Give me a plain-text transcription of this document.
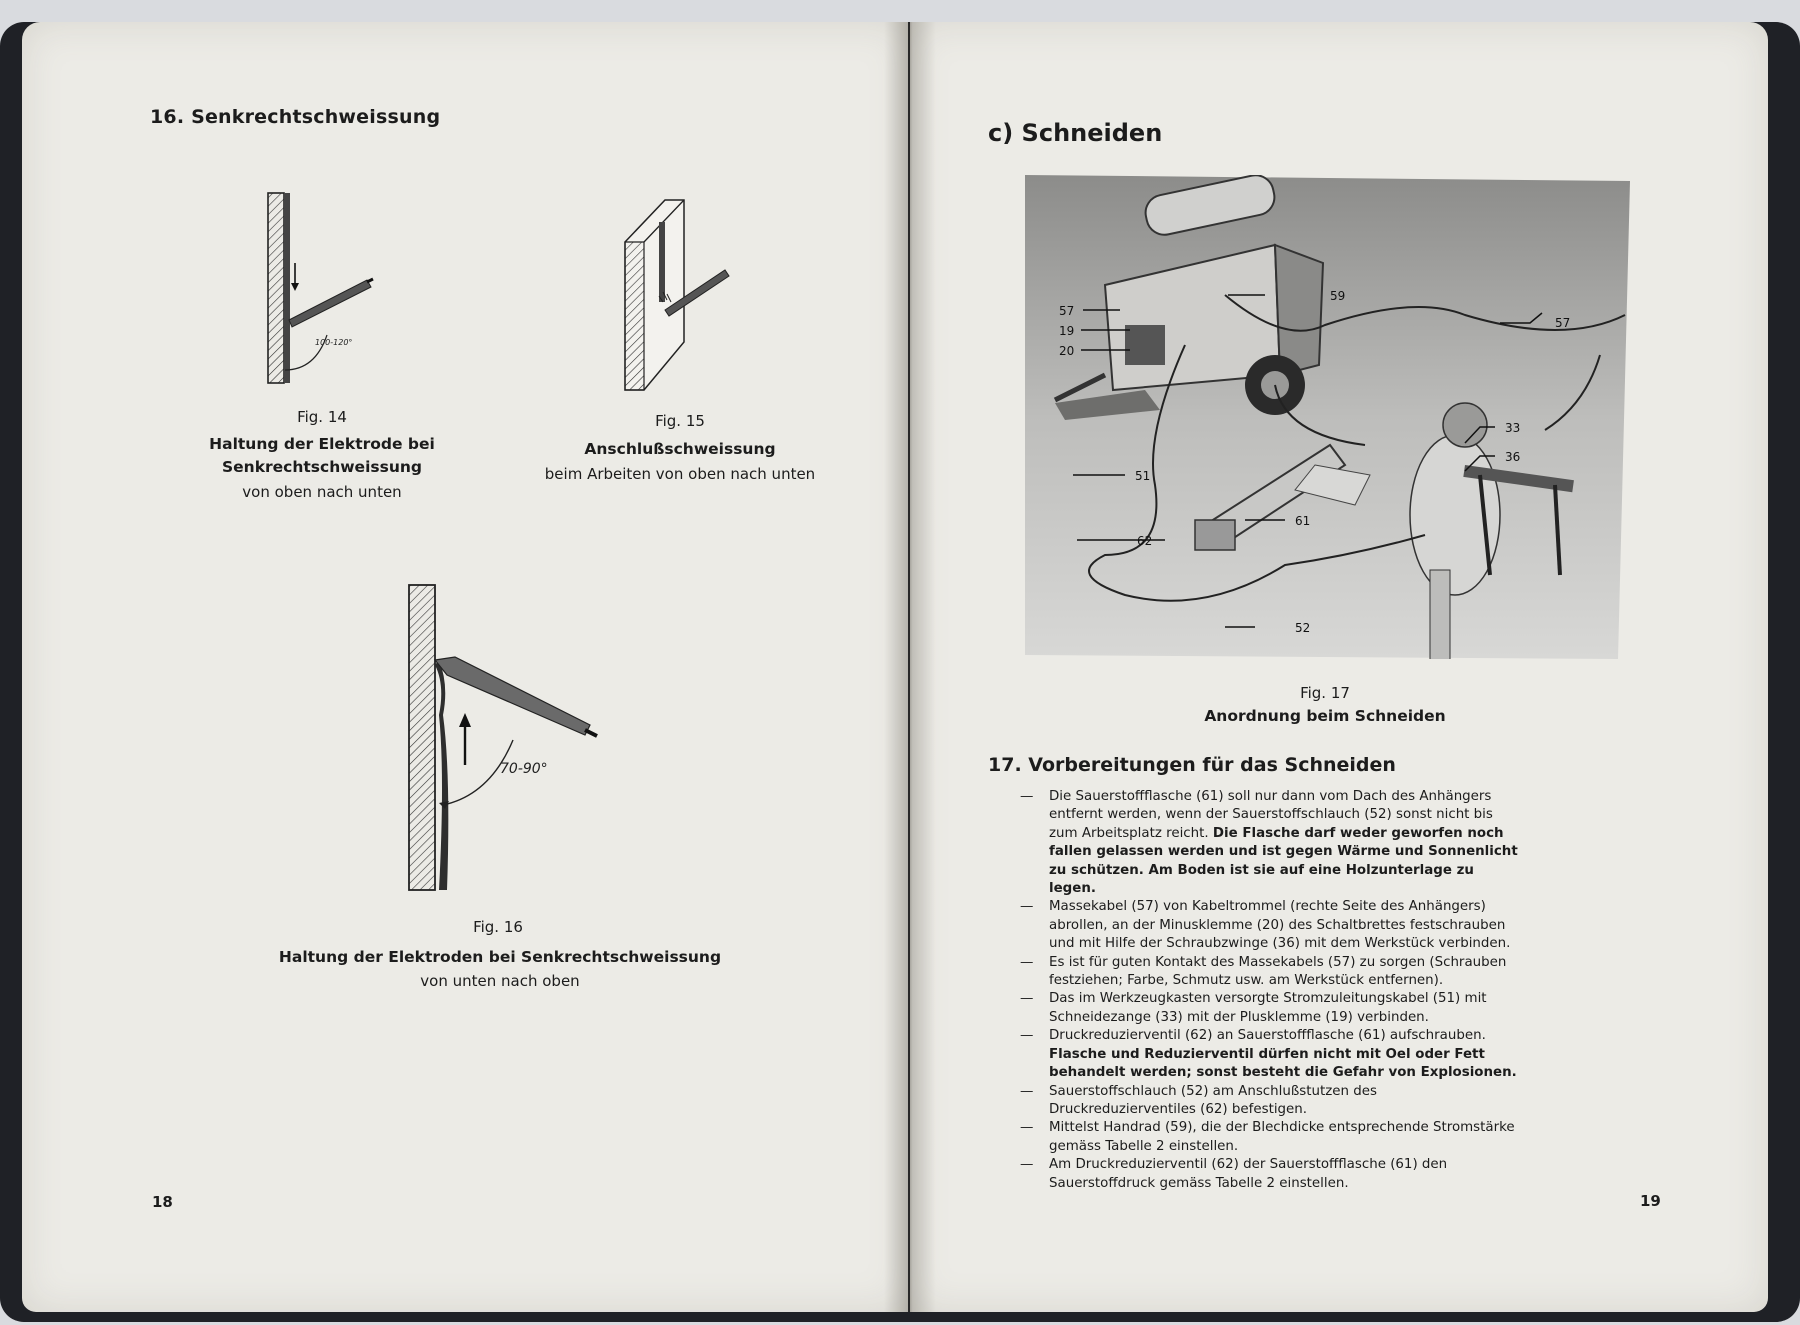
16. Senkrechtschweissung
100-120°
Fig. 14
Haltung der Elektrode bei
Senkrechtschweissung
von oben nach unten
Fig. 15
Anschlußschweissung
beim Arbeiten von oben nach unten
70-90°
Fig. 16
Haltung der Elektroden bei Senkrechtschweissung
von unten nach oben
18
c) Schneiden
57
19
20
59
57
33
36
51
61
62
52
Fig. 17
Anordnung beim Schneiden
17. Vorbereitungen für das Schneiden
— Die Sauerstoffflasche (61) soll nur dann vom Dach des Anhängers entfernt werden, wenn der Sauerstoffschlauch (52) sonst nicht bis zum Arbeitsplatz reicht. Die Flasche darf weder geworfen noch fallen gelassen werden und ist gegen Wärme und Sonnenlicht zu schützen. Am Boden ist sie auf eine Holzunterlage zu legen.
— Massekabel (57) von Kabeltrommel (rechte Seite des Anhängers) abrollen, an der Minusklemme (20) des Schaltbrettes festschrauben und mit Hilfe der Schraubzwinge (36) mit dem Werkstück verbinden.
— Es ist für guten Kontakt des Massekabels (57) zu sorgen (Schrauben festziehen; Farbe, Schmutz usw. am Werkstück entfernen).
— Das im Werkzeugkasten versorgte Stromzuleitungskabel (51) mit Schneidezange (33) mit der Plusklemme (19) verbinden.
— Druckreduzierventil (62) an Sauerstoffflasche (61) aufschrauben. Flasche und Reduzierventil dürfen nicht mit Oel oder Fett behandelt werden; sonst besteht die Gefahr von Explosionen.
— Sauerstoffschlauch (52) am Anschlußstutzen des Druckreduzierventiles (62) befestigen.
— Mittelst Handrad (59), die der Blechdicke entsprechende Stromstärke gemäss Tabelle 2 einstellen.
— Am Druckreduzierventil (62) der Sauerstoffflasche (61) den Sauerstoffdruck gemäss Tabelle 2 einstellen.
19
